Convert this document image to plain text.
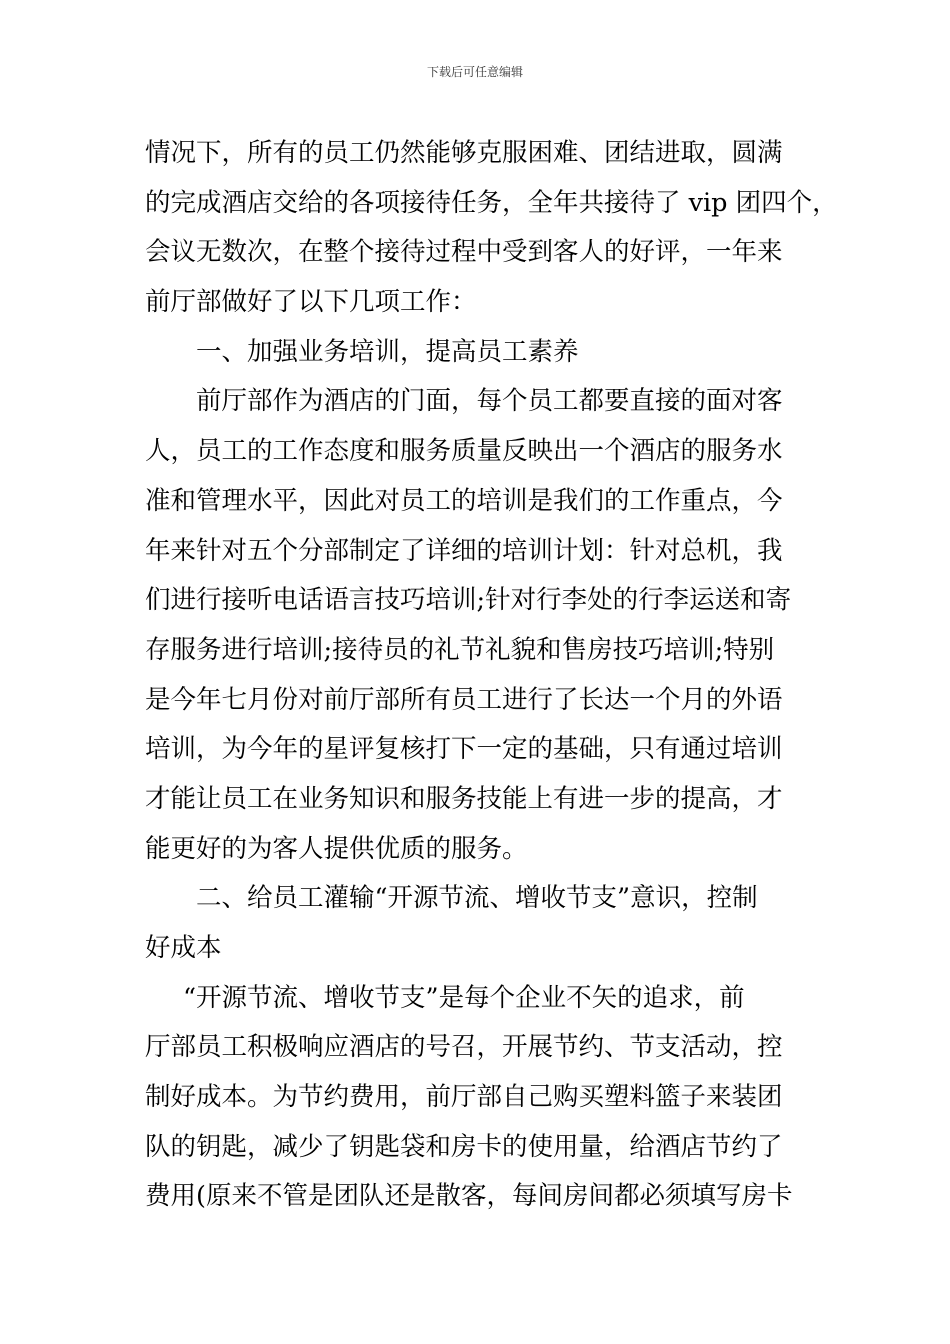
下载后可任意编辑
情况下，所有的员工仍然能够克服困难、团结进取，圆满
的完成酒店交给的各项接待任务，全年共接待了 vip 团四个，
会议无数次，在整个接待过程中受到客人的好评，一年来
前厅部做好了以下几项工作：
一、加强业务培训，提高员工素养
前厅部作为酒店的门面，每个员工都要直接的面对客
人，员工的工作态度和服务质量反映出一个酒店的服务水
准和管理水平，因此对员工的培训是我们的工作重点，今
年来针对五个分部制定了详细的培训计划：针对总机，我
们进行接听电话语言技巧培训;针对行李处的行李运送和寄
存服务进行培训;接待员的礼节礼貌和售房技巧培训;特别
是今年七月份对前厅部所有员工进行了长达一个月的外语
培训，为今年的星评复核打下一定的基础，只有通过培训
才能让员工在业务知识和服务技能上有进一步的提高，才
能更好的为客人提供优质的服务。
二、给员工灌输“开源节流、增收节支”意识，控制
好成本
“开源节流、增收节支”是每个企业不矢的追求，前
厅部员工积极响应酒店的号召，开展节约、节支活动，控
制好成本。为节约费用，前厅部自己购买塑料篮子来装团
队的钥匙，减少了钥匙袋和房卡的使用量，给酒店节约了
费用(原来不管是团队还是散客，每间房间都必须填写房卡
